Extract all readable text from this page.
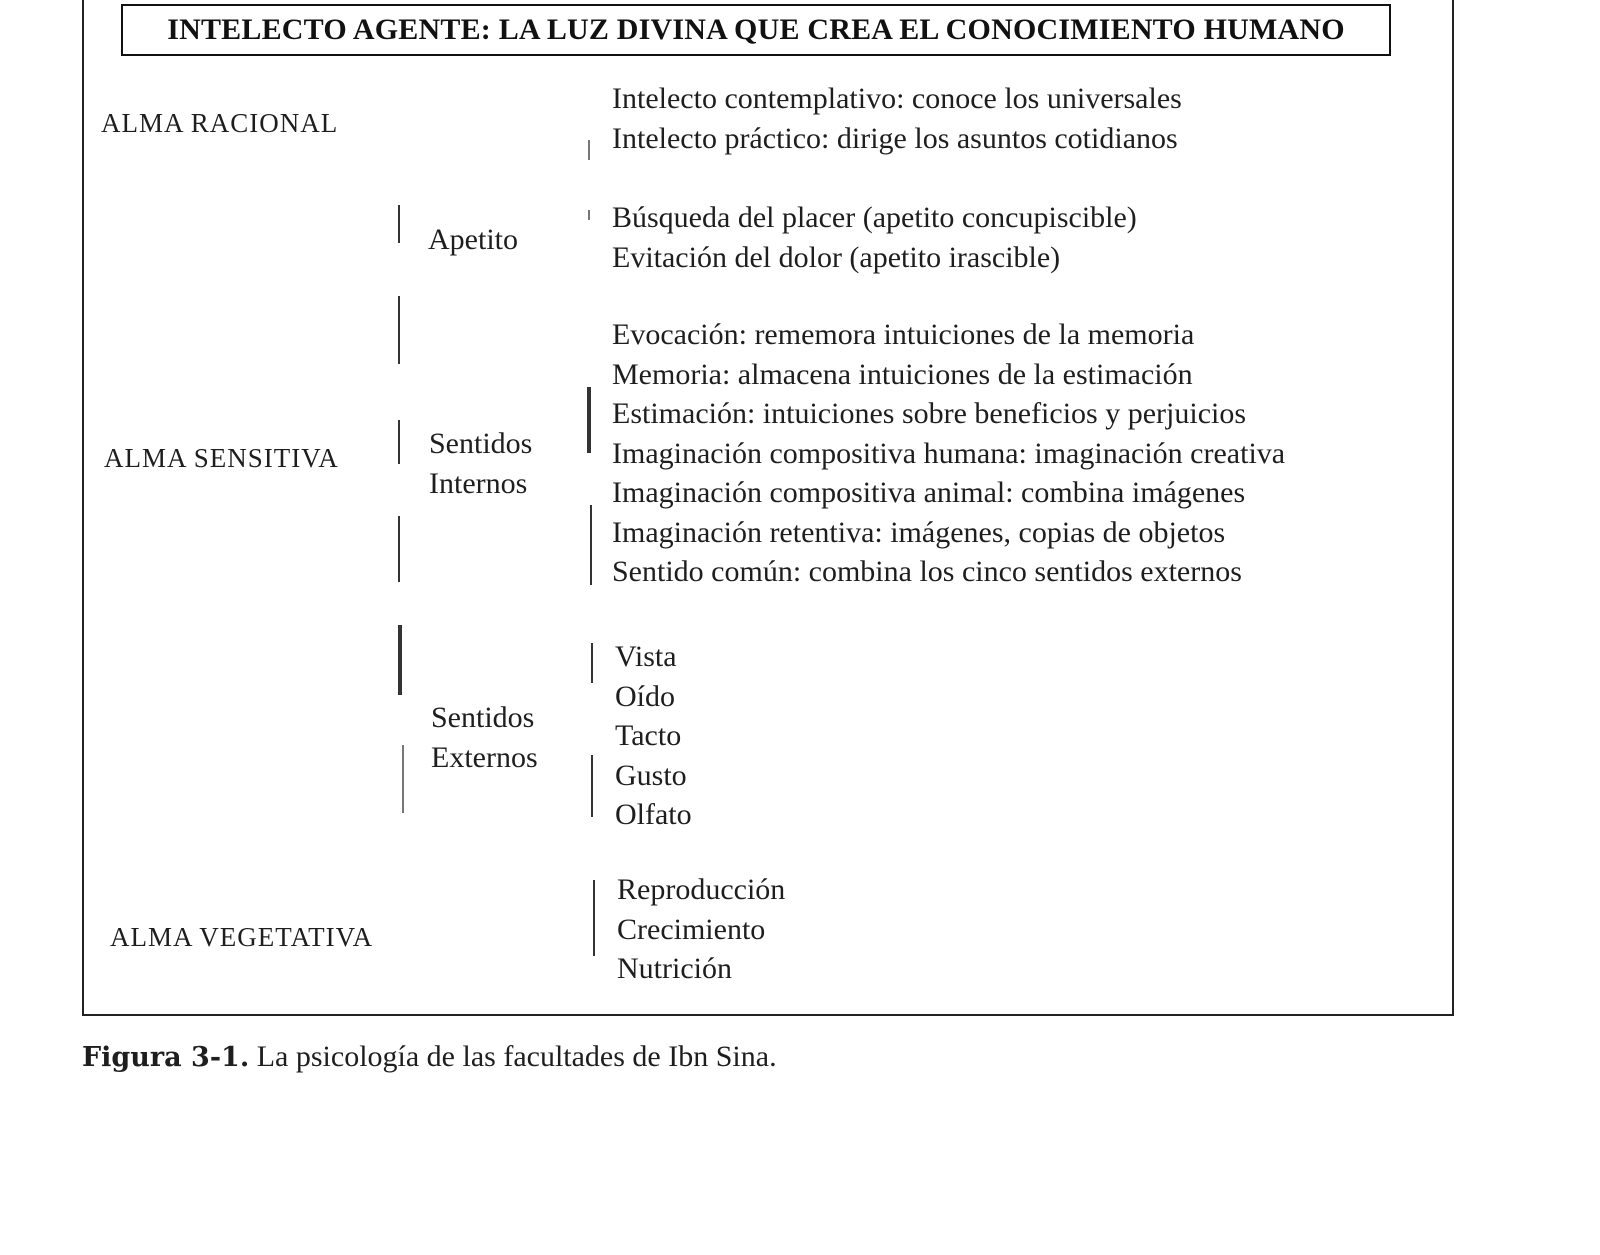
INTELECTO AGENTE: LA LUZ DIVINA QUE CREA EL CONOCIMIENTO HUMANO
ALMA RACIONAL
ALMA SENSITIVA
ALMA VEGETATIVA
Apetito
Sentidos
Internos
Sentidos
Externos
Intelecto contemplativo: conoce los universales
Intelecto práctico: dirige los asuntos cotidianos
Búsqueda del placer (apetito concupiscible)
Evitación del dolor (apetito irascible)
Evocación: rememora intuiciones de la memoria
Memoria: almacena intuiciones de la estimación
Estimación: intuiciones sobre beneficios y perjuicios
Imaginación compositiva humana: imaginación creativa
Imaginación compositiva animal: combina imágenes
Imaginación retentiva: imágenes, copias de objetos
Sentido común: combina los cinco sentidos externos
Vista
Oído
Tacto
Gusto
Olfato
Reproducción
Crecimiento
Nutrición
Figura 3-1. La psicología de las facultades de Ibn Sina.
